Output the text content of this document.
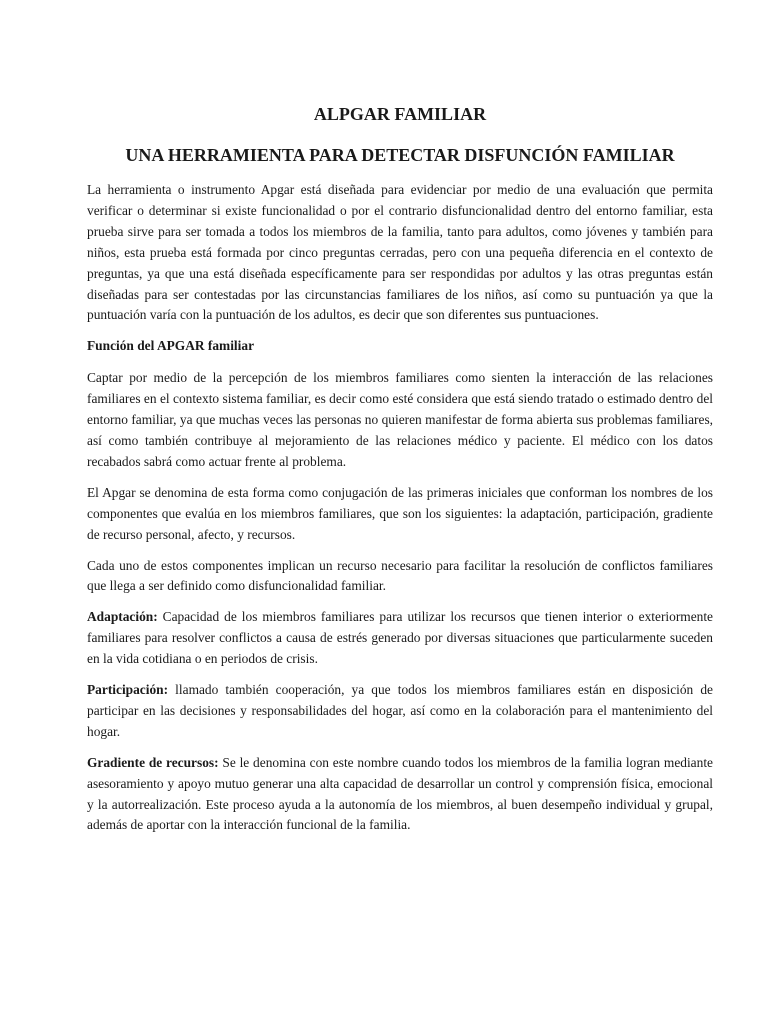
ALPGAR FAMILIAR
UNA HERRAMIENTA PARA DETECTAR DISFUNCIÓN FAMILIAR

La herramienta o instrumento Apgar está diseñada para evidenciar por medio de una evaluación que permita verificar o determinar si existe funcionalidad o por el contrario disfuncionalidad dentro del entorno familiar, esta prueba sirve para ser tomada a todos los miembros de la familia, tanto para adultos, como jóvenes y también para niños, esta prueba está formada por cinco preguntas cerradas, pero con una pequeña diferencia en el contexto de preguntas, ya que una está diseñada específicamente para ser respondidas por adultos y las otras preguntas están diseñadas para ser contestadas por las circunstancias familiares de los niños, así como su puntuación ya que la puntuación varía con la puntuación de los adultos, es decir que son diferentes sus puntuaciones.

Función del APGAR familiar

Captar por medio de la percepción de los miembros familiares como sienten la interacción de las relaciones familiares en el contexto sistema familiar, es decir como esté considera que está siendo tratado o estimado dentro del entorno familiar, ya que muchas veces las personas no quieren manifestar de forma abierta sus problemas familiares, así como también contribuye al mejoramiento de las relaciones médico y paciente. El médico con los datos recabados sabrá como actuar frente al problema.

El Apgar se denomina de esta forma como conjugación de las primeras iniciales que conforman los nombres de los componentes que evalúa en los miembros familiares, que son los siguientes: la adaptación, participación, gradiente de recurso personal, afecto, y recursos.

Cada uno de estos componentes implican un recurso necesario para facilitar la resolución de conflictos familiares que llega a ser definido como disfuncionalidad familiar.

Adaptación: Capacidad de los miembros familiares para utilizar los recursos que tienen interior o exteriormente familiares para resolver conflictos a causa de estrés generado por diversas situaciones que particularmente suceden en la vida cotidiana o en periodos de crisis.

Participación: llamado también cooperación, ya que todos los miembros familiares están en disposición de participar en las decisiones y responsabilidades del hogar, así como en la colaboración para el mantenimiento del hogar.

Gradiente de recursos: Se le denomina con este nombre cuando todos los miembros de la familia logran mediante asesoramiento y apoyo mutuo generar una alta capacidad de desarrollar un control y comprensión física, emocional y la autorrealización. Este proceso ayuda a la autonomía de los miembros, al buen desempeño individual y grupal, además de aportar con la interacción funcional de la familia.
